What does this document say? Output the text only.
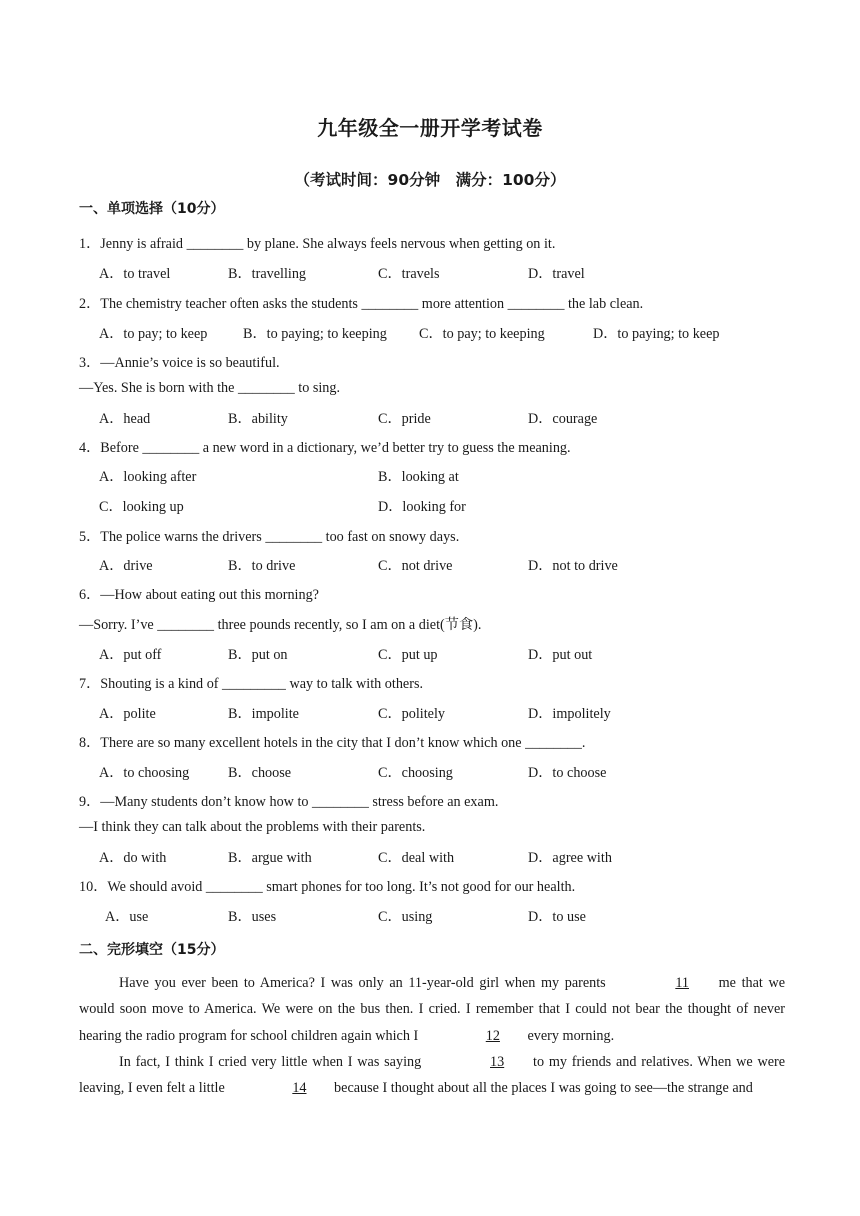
九年级全一册开学考试卷
（考试时间：90分钟　满分：100分）
一、单项选择（10分）
1．Jenny is afraid ________ by plane. She always feels nervous when getting on it.
A．to travel	B．travelling	C．travels	D．travel
2．The chemistry teacher often asks the students ________ more attention ________ the lab clean.
A．to pay; to keep	B．to paying; to keeping C．to pay; to keeping	D．to paying; to keep
3．—Annie’s voice is so beautiful.
—Yes. She is born with the ________ to sing.
A．head	B．ability	C．pride	D．courage
4．Before ________ a new word in a dictionary, we’d better try to guess the meaning.
A．looking after	B．looking at
C．looking up	D．looking for
5．The police warns the drivers ________ too fast on snowy days.
A．drive	B．to drive	C．not drive	D．not to drive
6．—How about eating out this morning?
—Sorry. I’ve ________ three pounds recently, so I am on a diet(节食).
A．put off	B．put on	C．put up	D．put out
7．Shouting is a kind of _________ way to talk with others.
A．polite	B．impolite	C．politely	D．impolitely
8．There are so many excellent hotels in the city that I don’t know which one ________.
A．to choosing	B．choose	C．choosing	D．to choose
9．—Many students don’t know how to ________ stress before an exam.
—I think they can talk about the problems with their parents.
A．do with	B．argue with	C．deal with	D．agree with
10．We should avoid ________ smart phones for too long. It’s not good for our health.
A．use	B．uses	C．using	D．to use
二、完形填空（15分）
Have you ever been to America? I was only an 11-year-old girl when my parents	11 me that we would soon move to America. We were on the bus then. I cried. I remember that I could not bear the thought of never hearing the radio program for school children again which I	12 every morning.
In fact, I think I cried very little when I was saying	13 to my friends and relatives. When we were leaving, I even felt a little	14 because I thought about all the places I was going to see—the strange and
